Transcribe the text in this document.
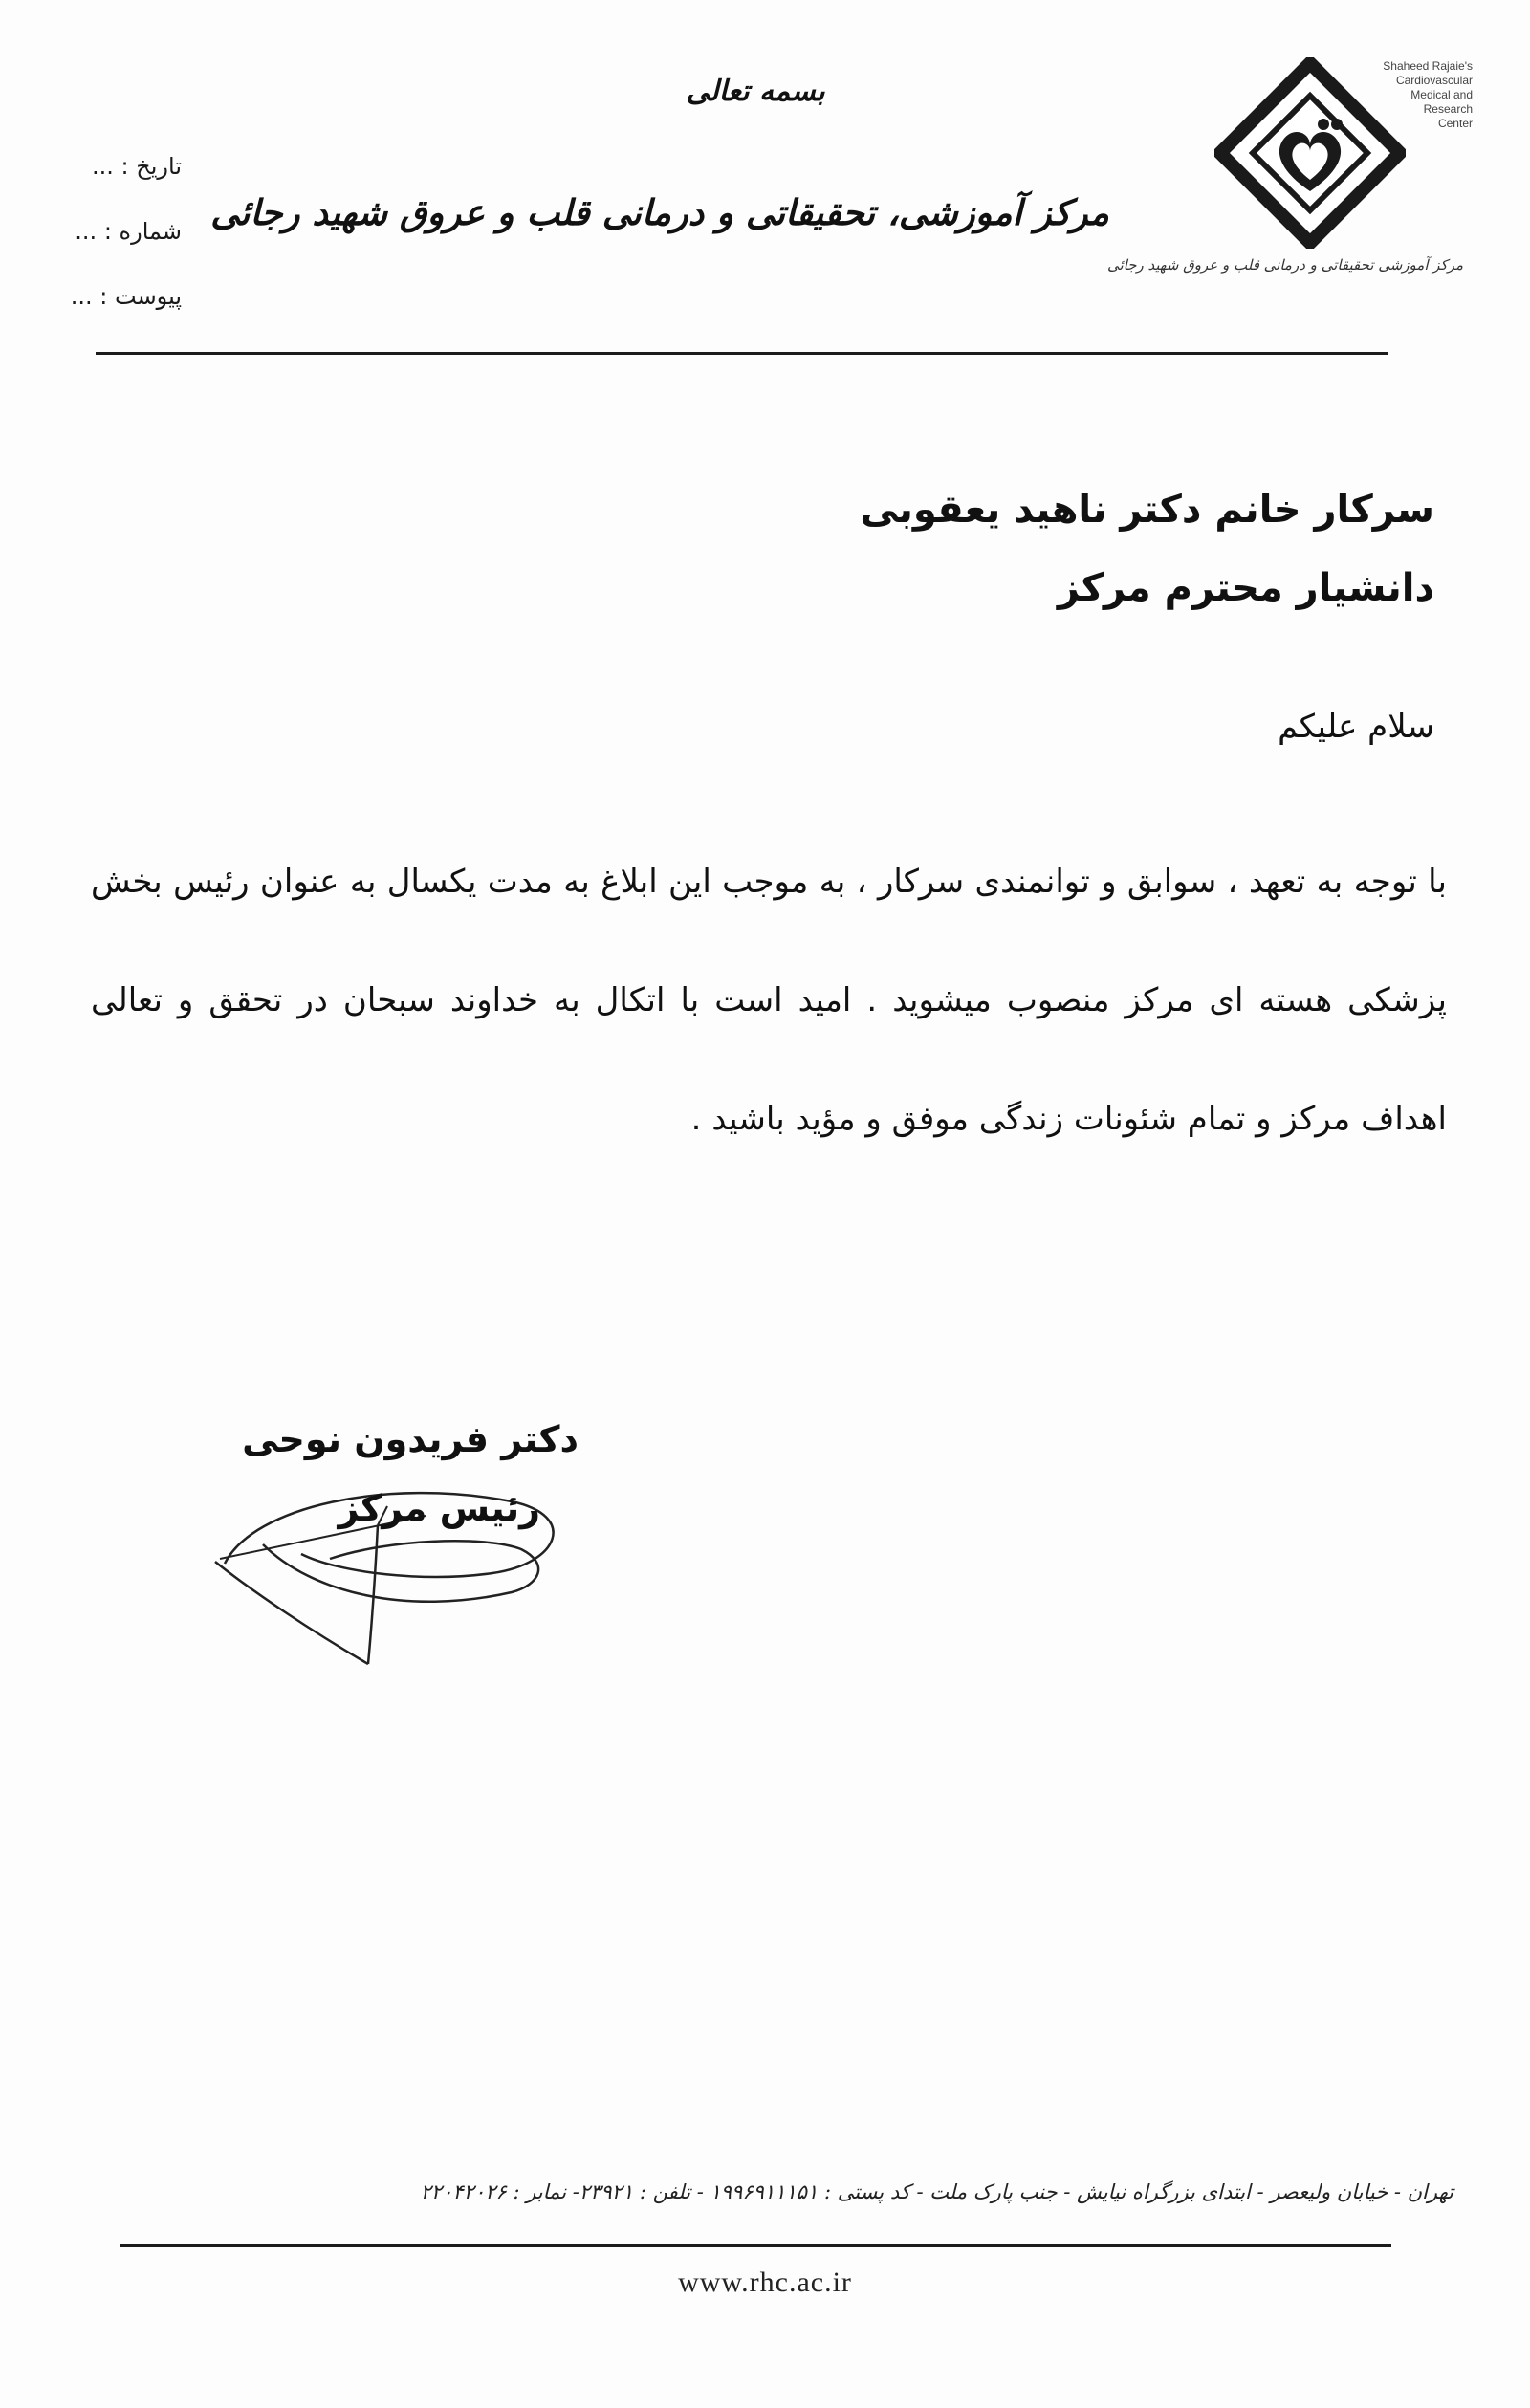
تاریخ : ...
شماره : ...
پیوست : ...
بسمه تعالی
مرکز آموزشی، تحقیقاتی و درمانی قلب و عروق شهید رجائی
Shaheed Rajaie's
Cardiovascular
Medical and
Research
Center
مرکز آموزشی تحقیقاتی و درمانی قلب و عروق شهید رجائی
سرکار خانم دکتر ناهید یعقوبی
دانشیار محترم مرکز
سلام علیکم
با توجه به تعهد ، سوابق و توانمندی سرکار ، به موجب این ابلاغ به مدت یکسال به عنوان رئیس بخش پزشکی هسته ای مرکز منصوب میشوید . امید است با اتکال به خداوند سبحان در تحقق و تعالی اهداف مرکز و تمام شئونات زندگی موفق و مؤید باشید .
دکتر فریدون نوحی
رئیس مرکز
تهران - خیابان ولیعصر - ابتدای بزرگراه نیایش - جنب پارک ملت - کد پستی : ۱۹۹۶۹۱۱۱۵۱ - تلفن : ۲۳۹۲۱- نمابر : ۲۲۰۴۲۰۲۶
www.rhc.ac.ir
